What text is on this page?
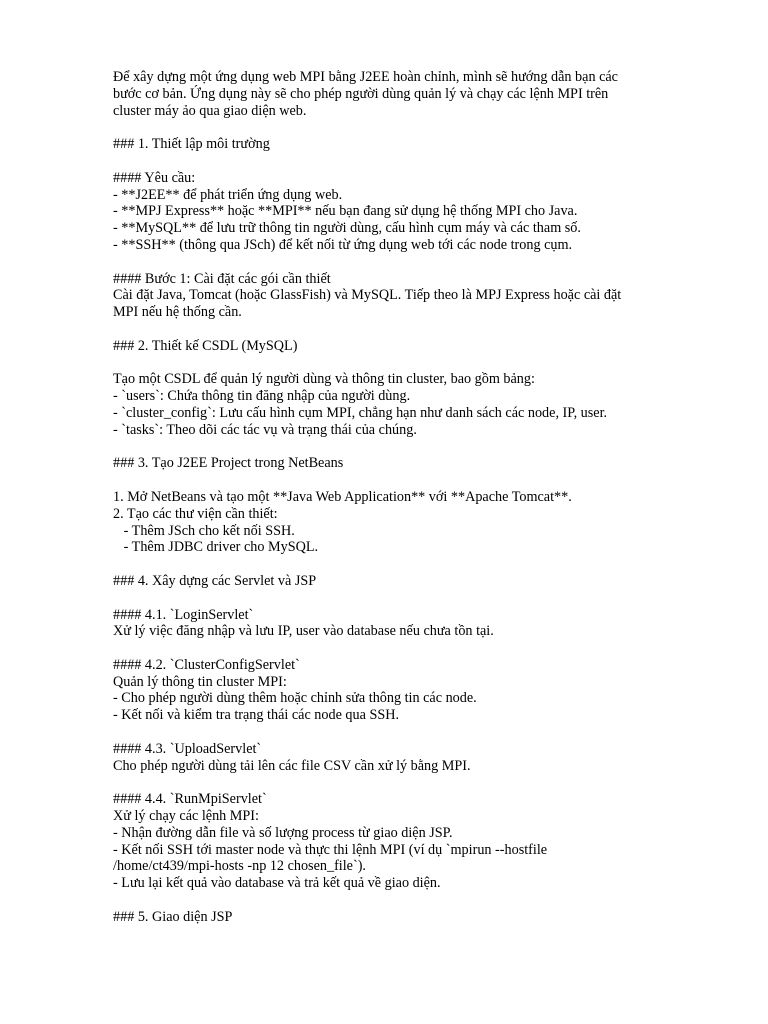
Để xây dựng một ứng dụng web MPI bằng J2EE hoàn chỉnh, mình sẽ hướng dẫn bạn các
bước cơ bản. Ứng dụng này sẽ cho phép người dùng quản lý và chạy các lệnh MPI trên
cluster máy ảo qua giao diện web.
### 1. Thiết lập môi trường
#### Yêu cầu:
- **J2EE** để phát triển ứng dụng web.
- **MPJ Express** hoặc **MPI** nếu bạn đang sử dụng hệ thống MPI cho Java.
- **MySQL** để lưu trữ thông tin người dùng, cấu hình cụm máy và các tham số.
- **SSH** (thông qua JSch) để kết nối từ ứng dụng web tới các node trong cụm.
#### Bước 1: Cài đặt các gói cần thiết
Cài đặt Java, Tomcat (hoặc GlassFish) và MySQL. Tiếp theo là MPJ Express hoặc cài đặt
MPI nếu hệ thống cần.
### 2. Thiết kế CSDL (MySQL)
Tạo một CSDL để quản lý người dùng và thông tin cluster, bao gồm bảng:
- `users`: Chứa thông tin đăng nhập của người dùng.
- `cluster_config`: Lưu cấu hình cụm MPI, chẳng hạn như danh sách các node, IP, user.
- `tasks`: Theo dõi các tác vụ và trạng thái của chúng.
### 3. Tạo J2EE Project trong NetBeans
1. Mở NetBeans và tạo một **Java Web Application** với **Apache Tomcat**.
2. Tạo các thư viện cần thiết:
- Thêm JSch cho kết nối SSH.
- Thêm JDBC driver cho MySQL.
### 4. Xây dựng các Servlet và JSP
#### 4.1. `LoginServlet`
Xử lý việc đăng nhập và lưu IP, user vào database nếu chưa tồn tại.
#### 4.2. `ClusterConfigServlet`
Quản lý thông tin cluster MPI:
- Cho phép người dùng thêm hoặc chỉnh sửa thông tin các node.
- Kết nối và kiểm tra trạng thái các node qua SSH.
#### 4.3. `UploadServlet`
Cho phép người dùng tải lên các file CSV cần xử lý bằng MPI.
#### 4.4. `RunMpiServlet`
Xử lý chạy các lệnh MPI:
- Nhận đường dẫn file và số lượng process từ giao diện JSP.
- Kết nối SSH tới master node và thực thi lệnh MPI (ví dụ `mpirun --hostfile
/home/ct439/mpi-hosts -np 12 chosen_file`).
- Lưu lại kết quả vào database và trả kết quả về giao diện.
### 5. Giao diện JSP
